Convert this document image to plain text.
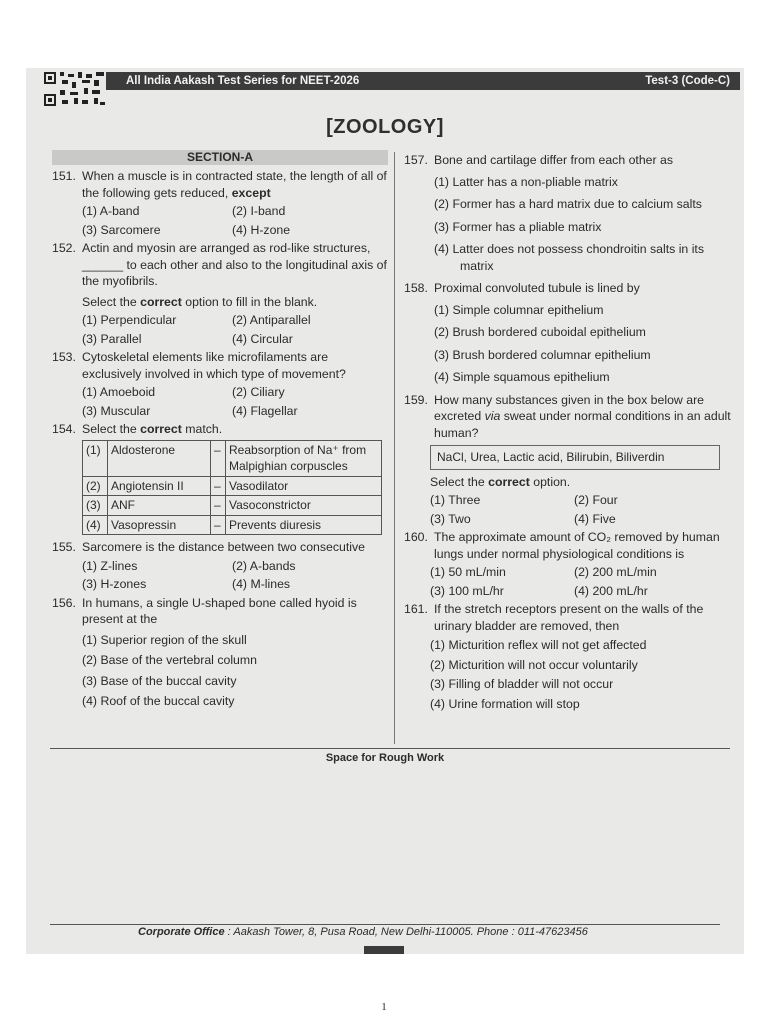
All India Aakash Test Series for NEET-2026	Test-3 (Code-C)
[ZOOLOGY]
SECTION-A
151. When a muscle is in contracted state, the length of all of the following gets reduced, except
(1) A-band	(2) I-band
(3) Sarcomere	(4) H-zone
152. Actin and myosin are arranged as rod-like structures, ______ to each other and also to the longitudinal axis of the myofibrils.
Select the correct option to fill in the blank.
(1) Perpendicular	(2) Antiparallel
(3) Parallel	(4) Circular
153. Cytoskeletal elements like microfilaments are exclusively involved in which type of movement?
(1) Amoeboid	(2) Ciliary
(3) Muscular	(4) Flagellar
154. Select the correct match.
(1)	Aldosterone	–	Reabsorption of Na⁺ from Malpighian corpuscles
(2)	Angiotensin II	–	Vasodilator
(3)	ANF	–	Vasoconstrictor
(4)	Vasopressin	–	Prevents diuresis
155. Sarcomere is the distance between two consecutive
(1) Z-lines	(2) A-bands
(3) H-zones	(4) M-lines
156. In humans, a single U-shaped bone called hyoid is present at the
(1) Superior region of the skull
(2) Base of the vertebral column
(3) Base of the buccal cavity
(4) Roof of the buccal cavity
157. Bone and cartilage differ from each other as
(1) Latter has a non-pliable matrix
(2) Former has a hard matrix due to calcium salts
(3) Former has a pliable matrix
(4) Latter does not possess chondroitin salts in its
matrix
158. Proximal convoluted tubule is lined by
(1) Simple columnar epithelium
(2) Brush bordered cuboidal epithelium
(3) Brush bordered columnar epithelium
(4) Simple squamous epithelium
159. How many substances given in the box below are excreted via sweat under normal conditions in an adult human?
NaCl, Urea, Lactic acid, Bilirubin, Biliverdin
Select the correct option.
(1) Three	(2) Four
(3) Two	(4) Five
160. The approximate amount of CO₂ removed by human lungs under normal physiological conditions is
(1) 50 mL/min	(2) 200 mL/min
(3) 100 mL/hr	(4) 200 mL/hr
161. If the stretch receptors present on the walls of the urinary bladder are removed, then
(1) Micturition reflex will not get affected
(2) Micturition will not occur voluntarily
(3) Filling of bladder will not occur
(4) Urine formation will stop
Space for Rough Work
Corporate Office : Aakash Tower, 8, Pusa Road, New Delhi-110005. Phone : 011-47623456
1
